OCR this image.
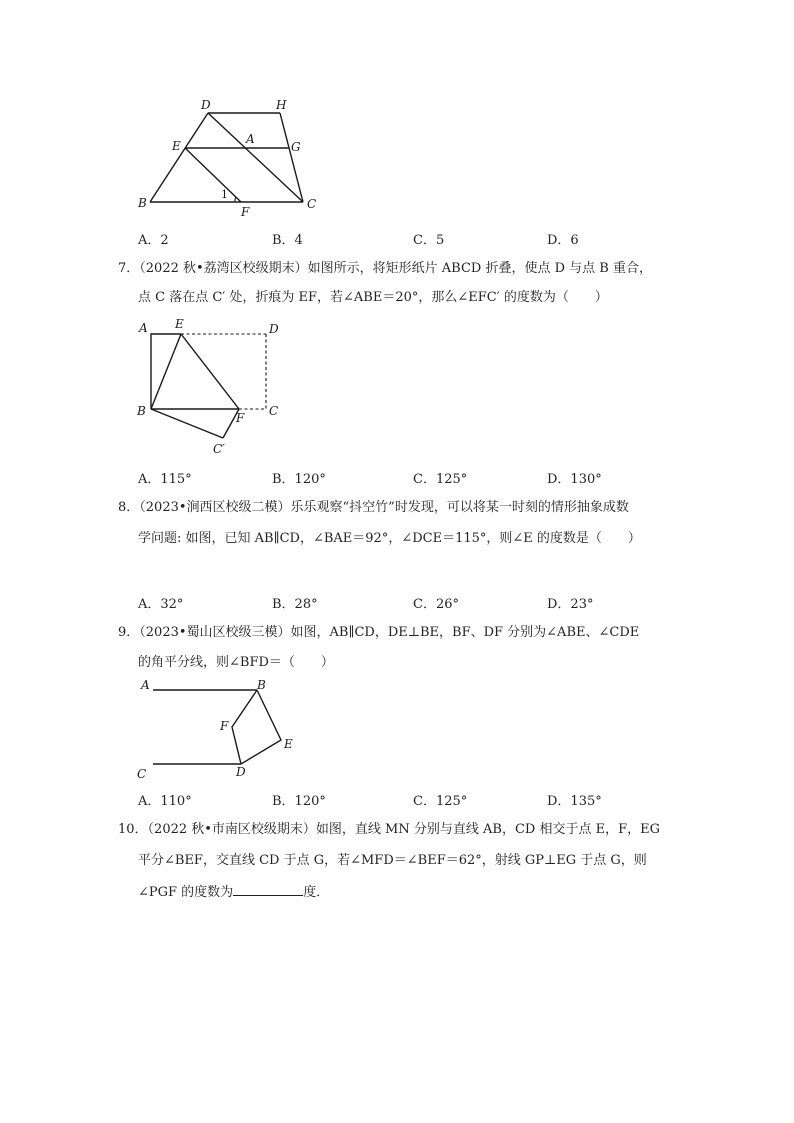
D	H
E	A
G
B
1
F
C
A．2	B．4	C．5	D．6
7．（2022 秋•荔湾区校级期末）如图所示，将矩形纸片 ABCD 折叠，使点 D 与点 B 重合，
点 C 落在点 C′ 处，折痕为 EF，若∠ABE＝20°，那么∠EFC′ 的度数为（　　）
A E	D
B	F C
C′
A．115°	B．120°	C．125°	D．130°
8．（2023•涧西区校级二模）乐乐观察“抖空竹”时发现，可以将某一时刻的情形抽象成数
学问题: 如图，已知 AB∥CD，∠BAE＝92°，∠DCE＝115°，则∠E 的度数是（　　）
A．32°	B．28°	C．26°	D．23°
9．（2023•蜀山区校级三模）如图，AB∥CD，DE⊥BE，BF、DF 分别为∠ABE、∠CDE
的角平分线，则∠BFD＝（　　）
A	B
F
E
C	D
A．110°	B．120°	C．125°	D．135°
10．（2022 秋•市南区校级期末）如图，直线 MN 分别与直线 AB，CD 相交于点 E，F，EG
平分∠BEF，交直线 CD 于点 G，若∠MFD＝∠BEF＝62°，射线 GP⊥EG 于点 G，则
∠PGF 的度数为	度．
